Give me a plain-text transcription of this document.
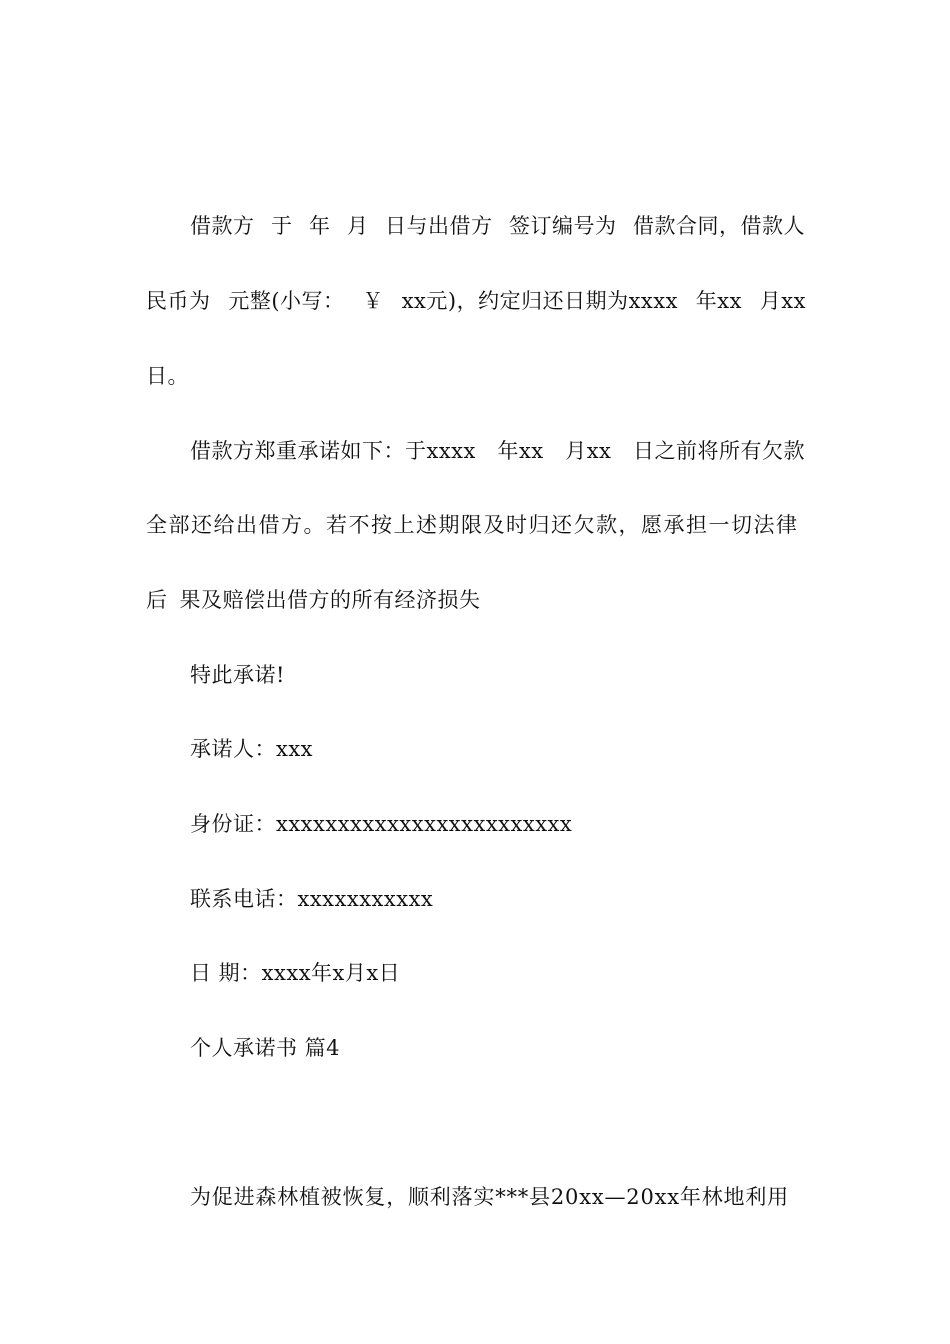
借款方 于 年 月 日与出借方 签订编号为 借款合同，借款人
民币为 元整(小写： ￥ xx元)，约定归还日期为xxxx 年xx 月xx
日。
借款方郑重承诺如下：于xxxx 年xx 月xx 日之前将所有欠款
全部还给出借方。若不按上述期限及时归还欠款，愿承担一切法律
后 果及赔偿出借方的所有经济损失
特此承诺!
承诺人：xxx
身份证：xxxxxxxxxxxxxxxxxxxxxxxx
联系电话：xxxxxxxxxxx
日 期：xxxx年x月x日
个人承诺书 篇4
为促进森林植被恢复，顺利落实***县20xx—20xx年林地利用
